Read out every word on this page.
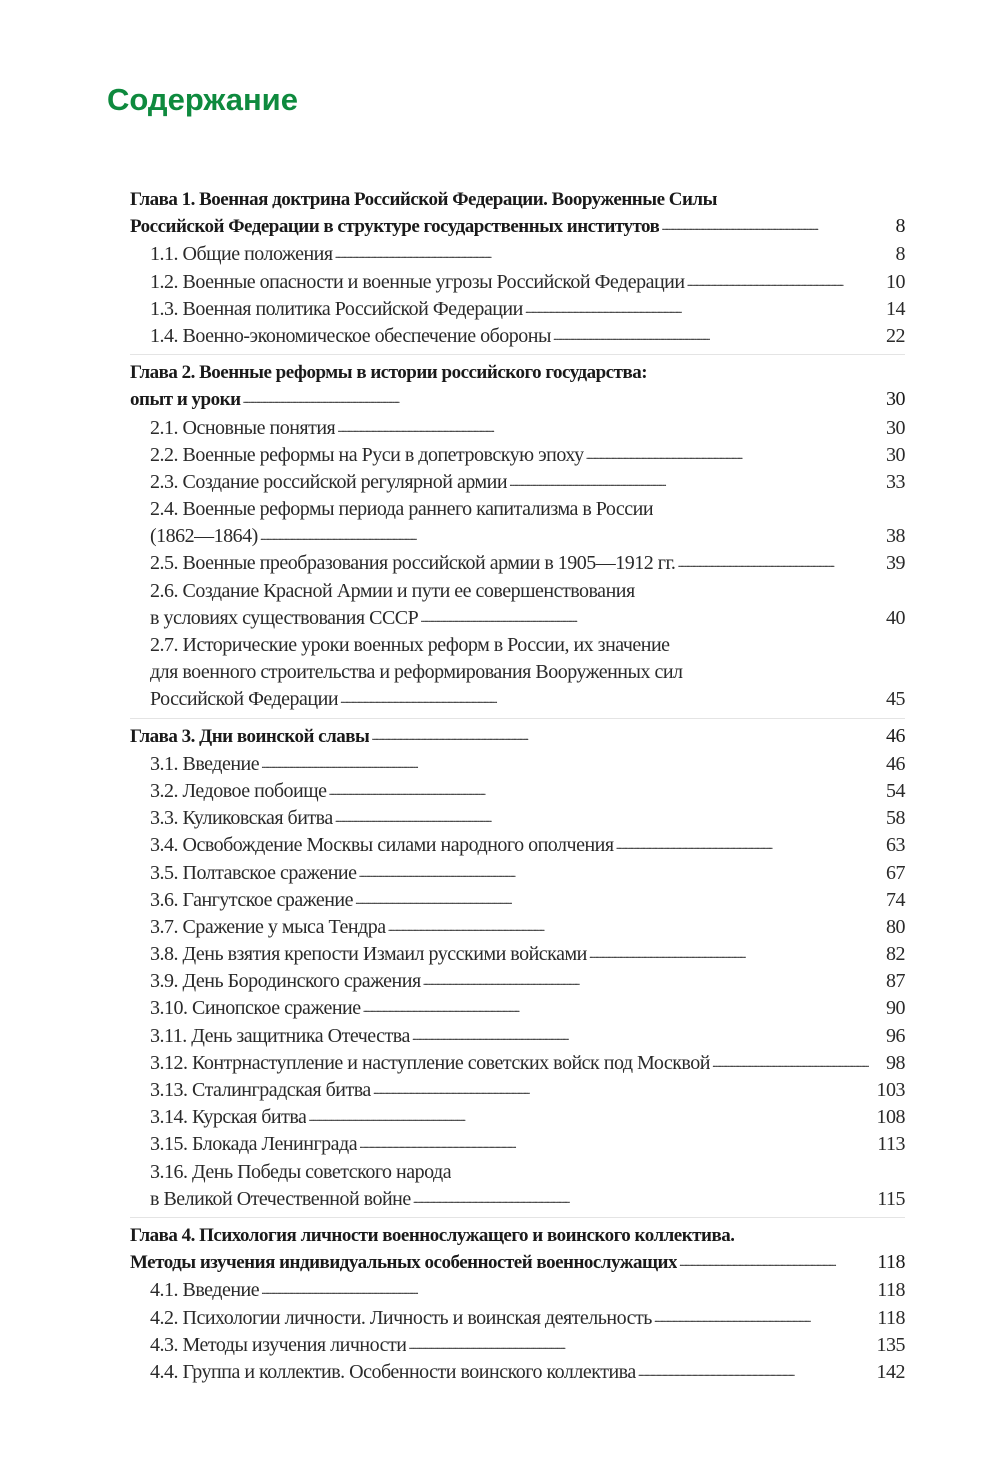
Содержание
Глава 1. Военная доктрина Российской Федерации. Вооруженные Силы
Российской Федерации в структуре государственных институтов . . .	8
1.1. Общие положения . . .	8
1.2. Военные опасности и военные угрозы Российской Федерации . . .	10
1.3. Военная политика Российской Федерации . . .	14
1.4. Военно-экономическое обеспечение обороны . . .	22
Глава 2. Военные реформы в истории российского государства:
опыт и уроки . . .	30
2.1. Основные понятия . . .	30
2.2. Военные реформы на Руси в допетровскую эпоху . . .	30
2.3. Создание российской регулярной армии . . .	33
2.4. Военные реформы периода раннего капитализма в России
(1862—1864) . . .	38
2.5. Военные преобразования российской армии в 1905—1912 гг. . . .	39
2.6. Создание Красной Армии и пути ее совершенствования
в условиях существования СССР . . .	40
2.7. Исторические уроки военных реформ в России, их значение
для военного строительства и реформирования Вооруженных сил
Российской Федерации . . .	45
Глава 3. Дни воинской славы . . .	46
3.1. Введение . . .	46
3.2. Ледовое побоище . . .	54
3.3. Куликовская битва . . .	58
3.4. Освобождение Москвы силами народного ополчения . . .	63
3.5. Полтавское сражение . . .	67
3.6. Гангутское сражение . . .	74
3.7. Сражение у мыса Тендра . . .	80
3.8. День взятия крепости Измаил русскими войсками . . .	82
3.9. День Бородинского сражения . . .	87
3.10. Синопское сражение . . .	90
3.11. День защитника Отечества . . .	96
3.12. Контрнаступление и наступление советских войск под Москвой . . .	98
3.13. Сталинградская битва . . .	103
3.14. Курская битва . . .	108
3.15. Блокада Ленинграда . . .	113
3.16. День Победы советского народа
в Великой Отечественной войне . . .	115
Глава 4. Психология личности военнослужащего и воинского коллектива.
Методы изучения индивидуальных особенностей военнослужащих . . .	118
4.1. Введение . . .	118
4.2. Психологии личности. Личность и воинская деятельность . . .	118
4.3. Методы изучения личности . . .	135
4.4. Группа и коллектив. Особенности воинского коллектива . . .	142
